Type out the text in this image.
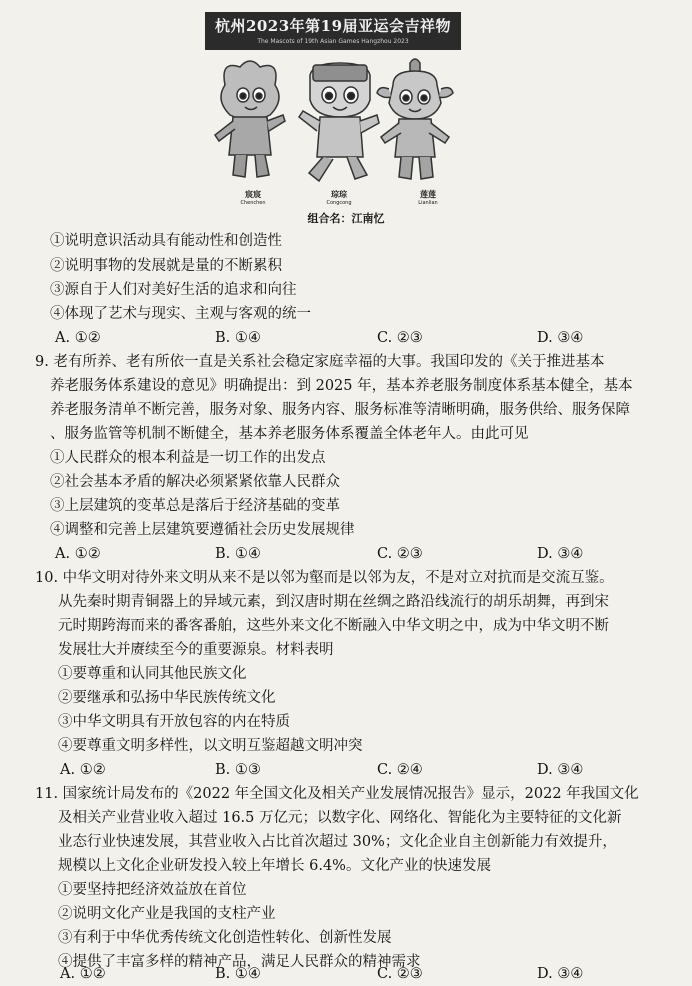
杭州2023年第19届亚运会吉祥物
The Mascots of 19th Asian Games Hangzhou 2023
宸宸
Chenchen
琮琮
Congcong
莲莲
Lianlian
组合名：江南忆
①说明意识活动具有能动性和创造性
②说明事物的发展就是量的不断累积
③源自于人们对美好生活的追求和向往
④体现了艺术与现实、主观与客观的统一
A. ①②	B. ①④	C. ②③	D. ③④
9. 老有所养、老有所依一直是关系社会稳定家庭幸福的大事。我国印发的《关于推进基本
养老服务体系建设的意见》明确提出：到 2025 年，基本养老服务制度体系基本健全，基本
养老服务清单不断完善，服务对象、服务内容、服务标准等清晰明确，服务供给、服务保障
、服务监管等机制不断健全，基本养老服务体系覆盖全体老年人。由此可见
①人民群众的根本利益是一切工作的出发点
②社会基本矛盾的解决必须紧紧依靠人民群众
③上层建筑的变革总是落后于经济基础的变革
④调整和完善上层建筑要遵循社会历史发展规律
A. ①②	B. ①④	C. ②③	D. ③④
10. 中华文明对待外来文明从来不是以邻为壑而是以邻为友，不是对立对抗而是交流互鉴。
从先秦时期青铜器上的异域元素，到汉唐时期在丝绸之路沿线流行的胡乐胡舞，再到宋
元时期跨海而来的番客番舶，这些外来文化不断融入中华文明之中，成为中华文明不断
发展壮大并赓续至今的重要源泉。材料表明
①要尊重和认同其他民族文化
②要继承和弘扬中华民族传统文化
③中华文明具有开放包容的内在特质
④要尊重文明多样性，以文明互鉴超越文明冲突
A. ①②	B. ①③	C. ②④	D. ③④
11. 国家统计局发布的《2022 年全国文化及相关产业发展情况报告》显示，2022 年我国文化
及相关产业营业收入超过 16.5 万亿元；以数字化、网络化、智能化为主要特征的文化新
业态行业快速发展，其营业收入占比首次超过 30%；文化企业自主创新能力有效提升，
规模以上文化企业研发投入较上年增长 6.4%。文化产业的快速发展
①要坚持把经济效益放在首位
②说明文化产业是我国的支柱产业
③有利于中华优秀传统文化创造性转化、创新性发展
④提供了丰富多样的精神产品，满足人民群众的精神需求
A. ①②	B. ①④	C. ②③	D. ③④
